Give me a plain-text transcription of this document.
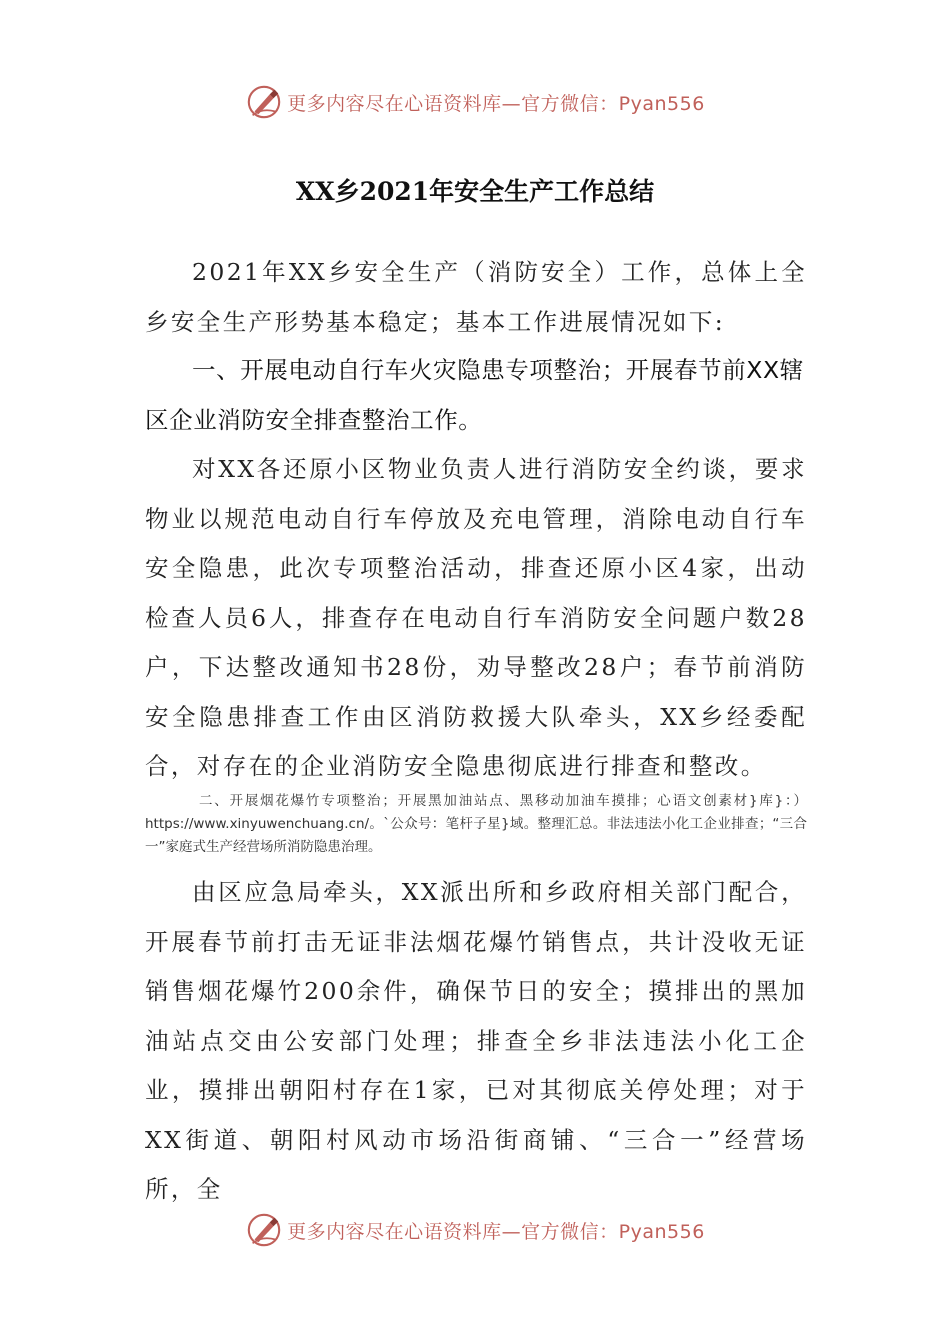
更多内容尽在心语资料库—官方微信：Pyan556
XX乡2021年安全生产工作总结

2021年XX乡安全生产（消防安全）工作，总体上全乡安全生产形势基本稳定；基本工作进展情况如下:

一、开展电动自行车火灾隐患专项整治；开展春节前XX辖区企业消防安全排查整治工作。

对XX各还原小区物业负责人进行消防安全约谈，要求物业以规范电动自行车停放及充电管理，消除电动自行车安全隐患，此次专项整治活动，排查还原小区4家，出动检查人员6人，排查存在电动自行车消防安全问题户数28户，下达整改通知书28份，劝导整改28户；春节前消防安全隐患排查工作由区消防救援大队牵头，XX乡经委配合，对存在的企业消防安全隐患彻底进行排查和整改。

二、开展烟花爆竹专项整治；开展黑加油站点、黑移动加油车摸排；心语文创素材}库}：）https://www.xinyuwenchuang.cn/。`公众号：笔杆子星}域。整理汇总。非法违法小化工企业排查；“三合一”家庭式生产经营场所消防隐患治理。

由区应急局牵头，XX派出所和乡政府相关部门配合，开展春节前打击无证非法烟花爆竹销售点，共计没收无证销售烟花爆竹200余件，确保节日的安全；摸排出的黑加油站点交由公安部门处理；排查全乡非法违法小化工企业，摸排出朝阳村存在1家，已对其彻底关停处理；对于XX街道、朝阳村风动市场沿街商铺、“三合一”经营场所，全

更多内容尽在心语资料库—官方微信：Pyan556
